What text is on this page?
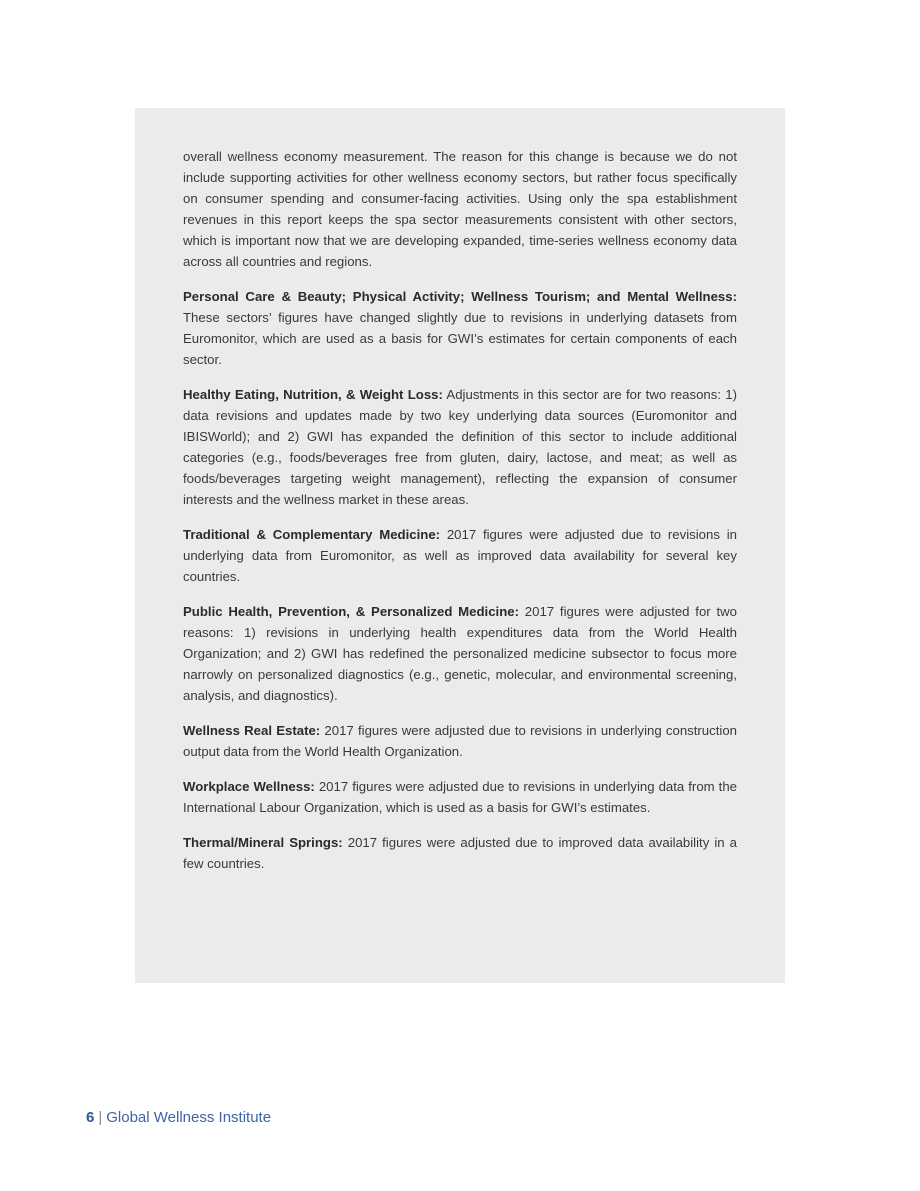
overall wellness economy measurement. The reason for this change is because we do not include supporting activities for other wellness economy sectors, but rather focus specifically on consumer spending and consumer-facing activities. Using only the spa establishment revenues in this report keeps the spa sector measurements consistent with other sectors, which is important now that we are developing expanded, time-series wellness economy data across all countries and regions.

Personal Care & Beauty; Physical Activity; Wellness Tourism; and Mental Wellness: These sectors’ figures have changed slightly due to revisions in underlying datasets from Euromonitor, which are used as a basis for GWI’s estimates for certain components of each sector.

Healthy Eating, Nutrition, & Weight Loss: Adjustments in this sector are for two reasons: 1) data revisions and updates made by two key underlying data sources (Euromonitor and IBISWorld); and 2) GWI has expanded the definition of this sector to include additional categories (e.g., foods/beverages free from gluten, dairy, lactose, and meat; as well as foods/beverages targeting weight management), reflecting the expansion of consumer interests and the wellness market in these areas.

Traditional & Complementary Medicine: 2017 figures were adjusted due to revisions in underlying data from Euromonitor, as well as improved data availability for several key countries.

Public Health, Prevention, & Personalized Medicine: 2017 figures were adjusted for two reasons: 1) revisions in underlying health expenditures data from the World Health Organization; and 2) GWI has redefined the personalized medicine subsector to focus more narrowly on personalized diagnostics (e.g., genetic, molecular, and environmental screening, analysis, and diagnostics).

Wellness Real Estate: 2017 figures were adjusted due to revisions in underlying construction output data from the World Health Organization.

Workplace Wellness: 2017 figures were adjusted due to revisions in underlying data from the International Labour Organization, which is used as a basis for GWI’s estimates.

Thermal/Mineral Springs: 2017 figures were adjusted due to improved data availability in a few countries.

6 | Global Wellness Institute
